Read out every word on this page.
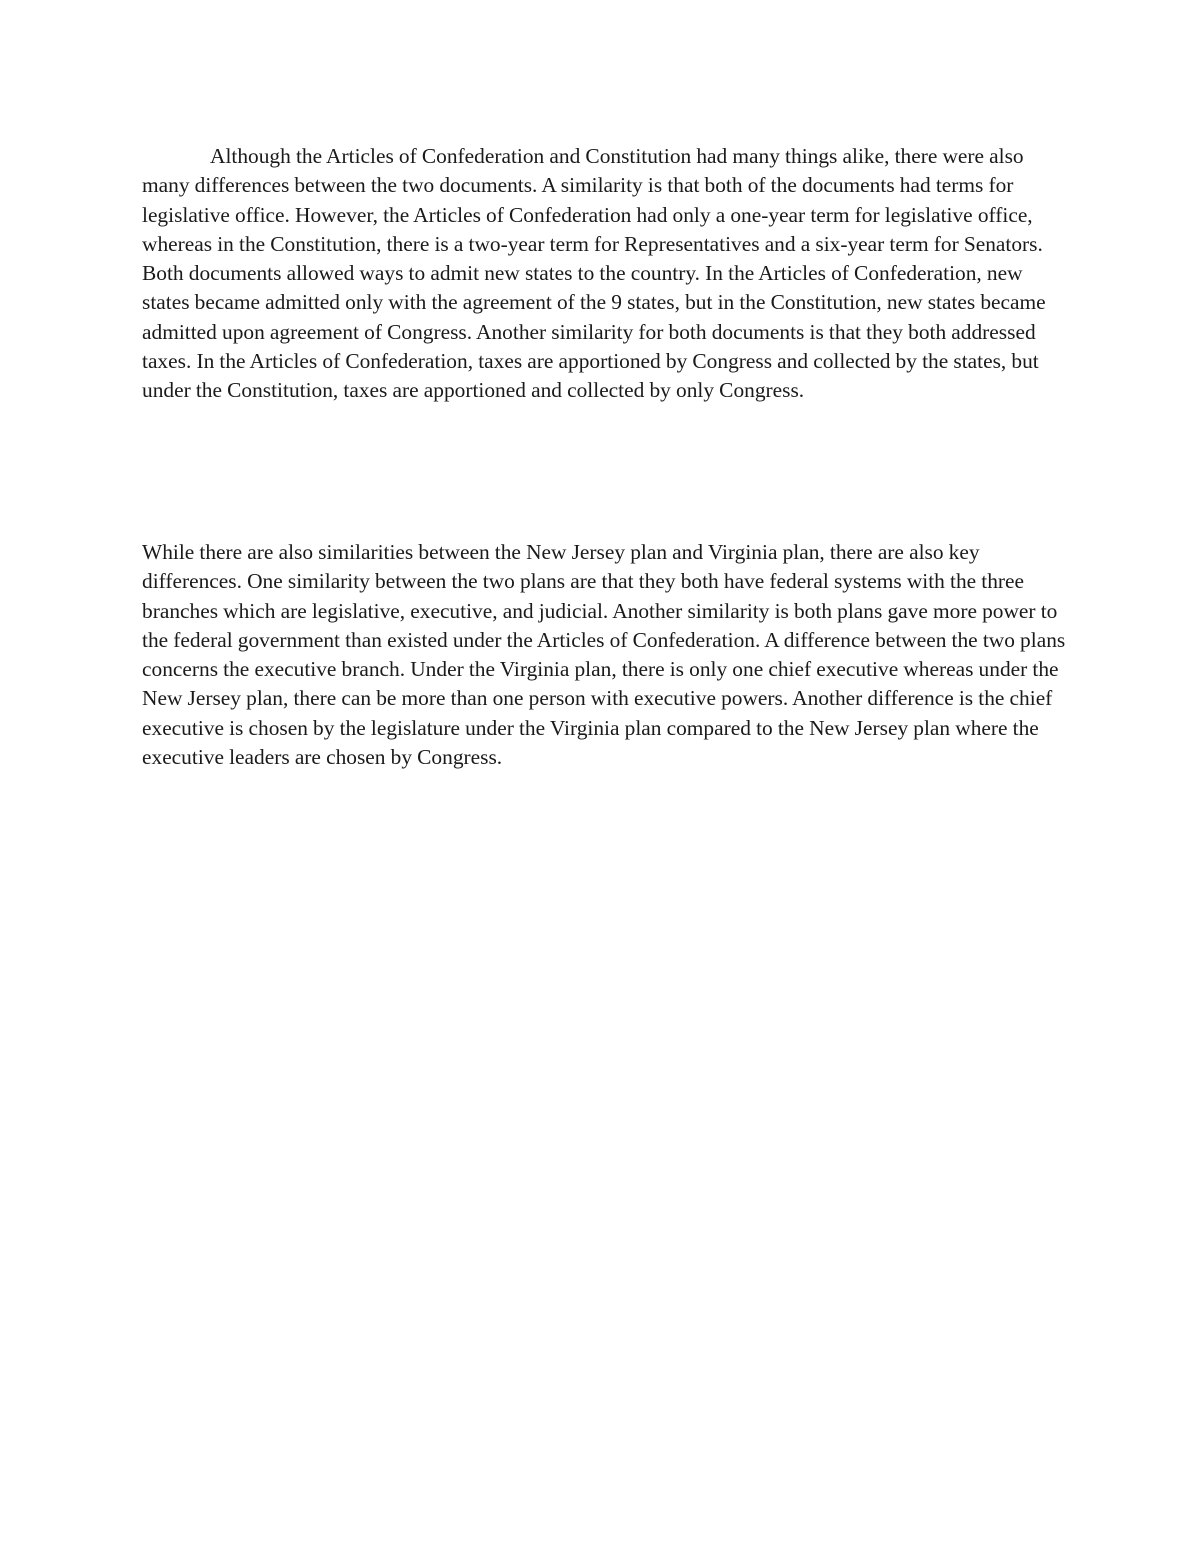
Although the Articles of Confederation and Constitution had many things alike, there were also many differences between the two documents. A similarity is that both of the documents had terms for legislative office. However, the Articles of Confederation had only a one-year term for legislative office, whereas in the Constitution, there is a two-year term for Representatives and a six-year term for Senators. Both documents allowed ways to admit new states to the country. In the Articles of Confederation, new states became admitted only with the agreement of the 9 states, but in the Constitution, new states became admitted upon agreement of Congress. Another similarity for both documents is that they both addressed taxes. In the Articles of Confederation, taxes are apportioned by Congress and collected by the states, but under the Constitution, taxes are apportioned and collected by only Congress.

While there are also similarities between the New Jersey plan and Virginia plan, there are also key differences. One similarity between the two plans are that they both have federal systems with the three branches which are legislative, executive, and judicial. Another similarity is both plans gave more power to the federal government than existed under the Articles of Confederation. A difference between the two plans concerns the executive branch. Under the Virginia plan, there is only one chief executive whereas under the New Jersey plan, there can be more than one person with executive powers. Another difference is the chief executive is chosen by the legislature under the Virginia plan compared to the New Jersey plan where the executive leaders are chosen by Congress.
